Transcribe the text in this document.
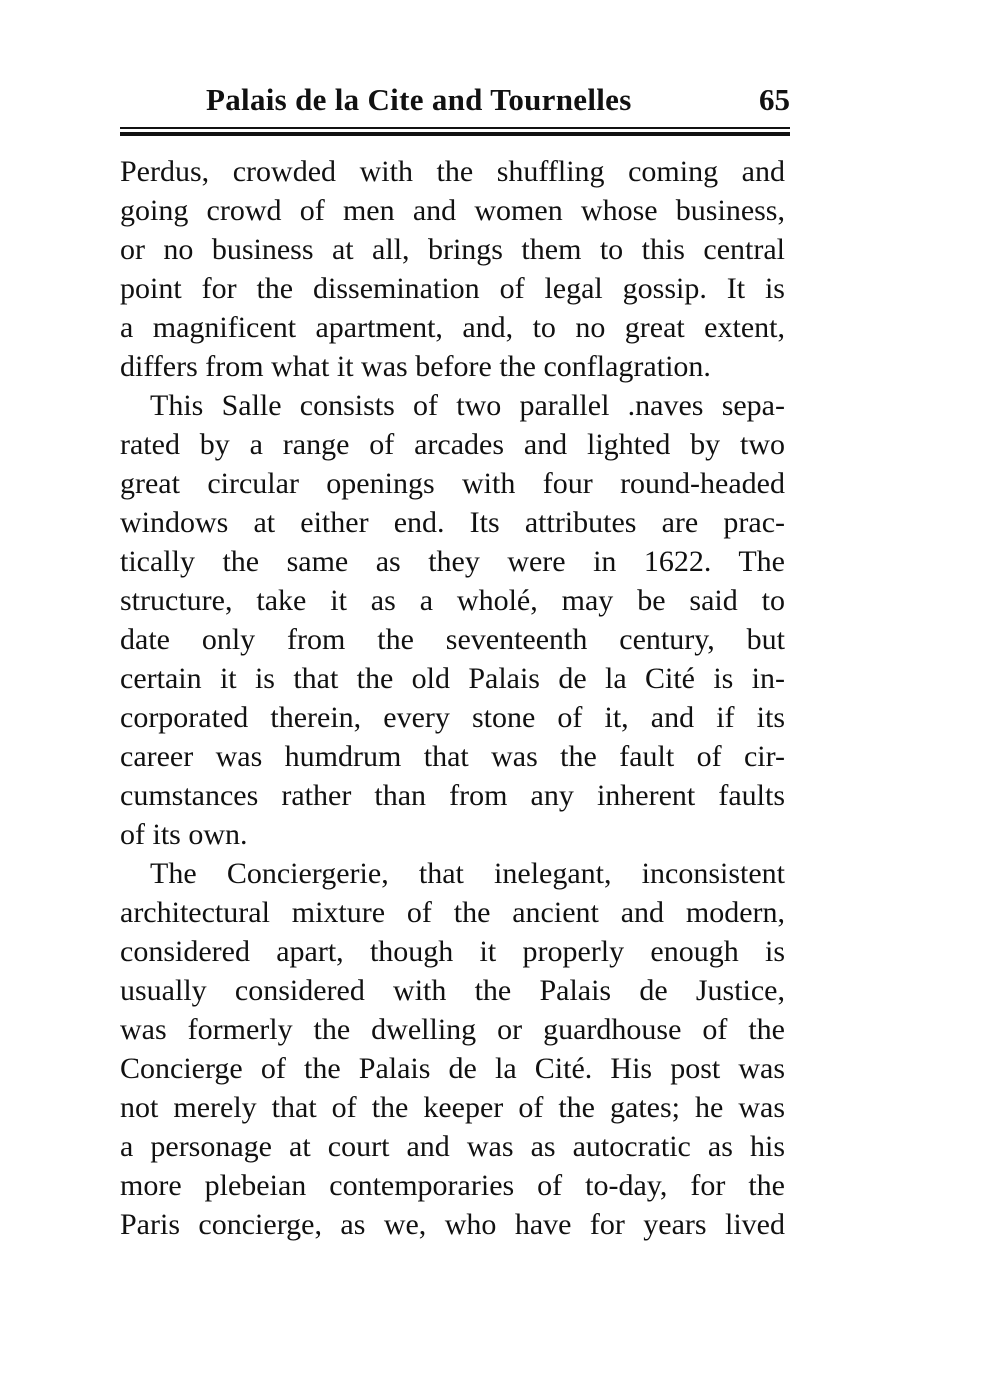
Palais de la Cite and Tournelles	65
Perdus, crowded with the shuffling coming and
going crowd of men and women whose business,
or no business at all, brings them to this central
point for the dissemination of legal gossip. It is
a magnificent apartment, and, to no great extent,
differs from what it was before the conflagration.
This Salle consists of two parallel .naves sepa-
rated by a range of arcades and lighted by two
great circular openings with four round-headed
windows at either end. Its attributes are prac-
tically the same as they were in 1622. The
structure, take it as a wholé, may be said to
date only from the seventeenth century, but
certain it is that the old Palais de la Cité is in-
corporated therein, every stone of it, and if its
career was humdrum that was the fault of cir-
cumstances rather than from any inherent faults
of its own.
The Conciergerie, that inelegant, inconsistent
architectural mixture of the ancient and modern,
considered apart, though it properly enough is
usually considered with the Palais de Justice,
was formerly the dwelling or guardhouse of the
Concierge of the Palais de la Cité. His post was
not merely that of the keeper of the gates; he was
a personage at court and was as autocratic as his
more plebeian contemporaries of to-day, for the
Paris concierge, as we, who have for years lived
